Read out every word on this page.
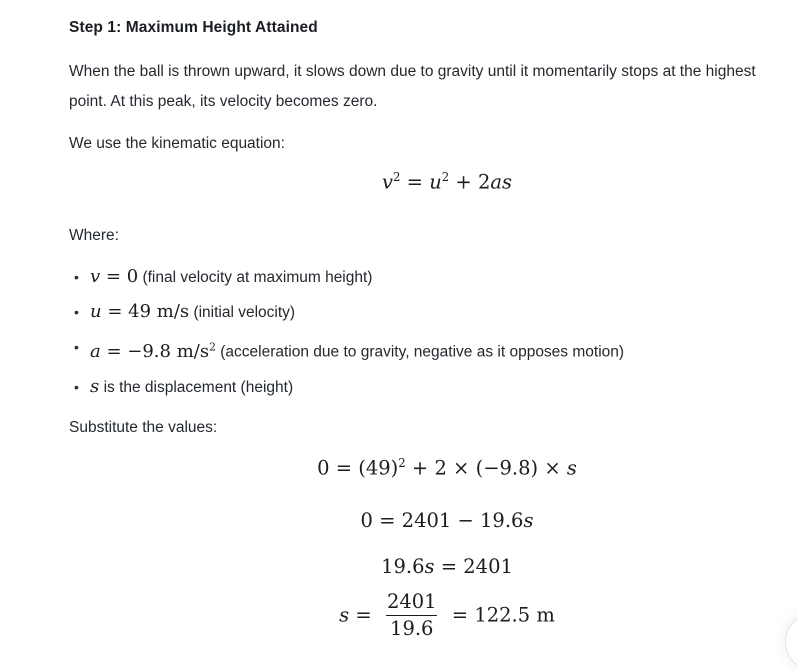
Step 1: Maximum Height Attained

When the ball is thrown upward, it slows down due to gravity until it momentarily stops at the highest point. At this peak, its velocity becomes zero.

We use the kinematic equation:

$v^2 = u^2 + 2as$

Where:

• v = 0 (final velocity at maximum height)
• u = 49 m/s (initial velocity)
• a = −9.8 $m/s^2$ (acceleration due to gravity, negative as it opposes motion)
• s is the displacement (height)

Substitute the values:

$0 = (49)^2 + 2 \times (-9.8) \times s$
0 = 2401 − 19.6s
19.6s = 2401
$s = \frac{2401}{19.6} = 122.5$ m
